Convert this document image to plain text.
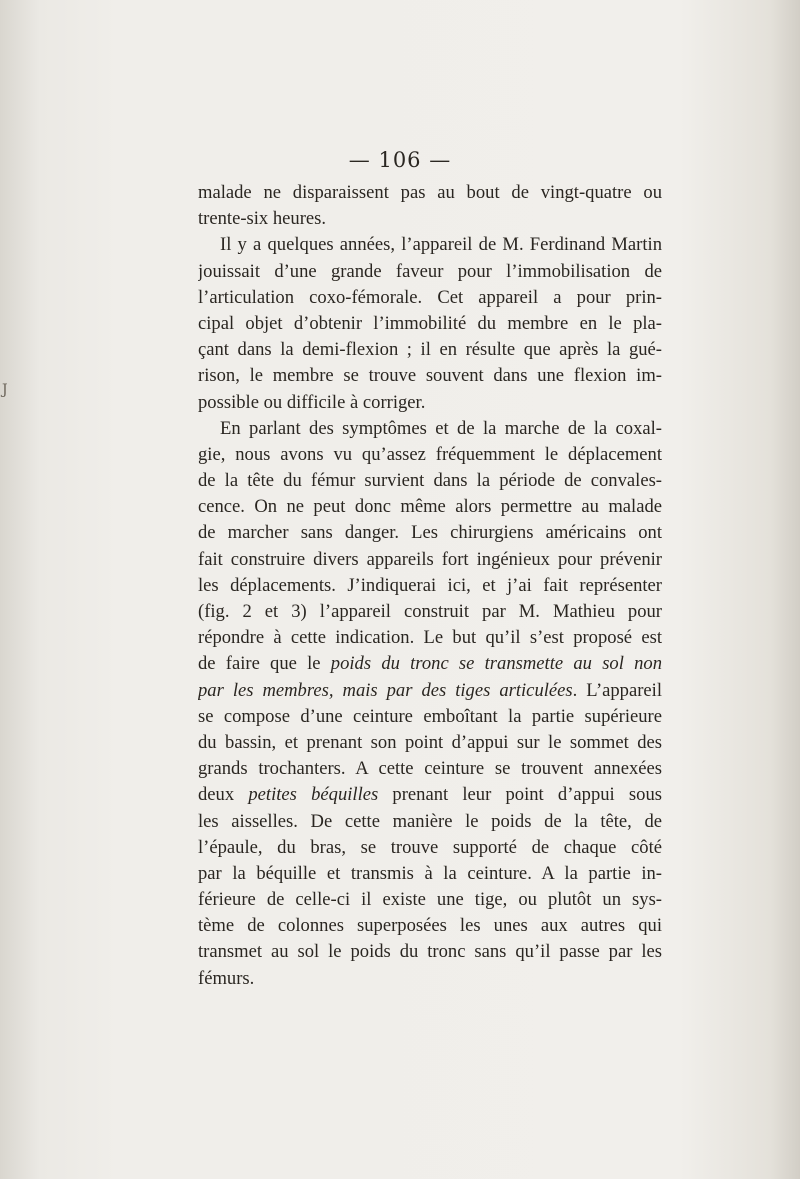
J
— 106 —
malade ne disparaissent pas au bout de vingt-quatre ou
trente-six heures.
Il y a quelques années, l’appareil de M. Ferdinand Martin
jouissait d’une grande faveur pour l’immobilisation de
l’articulation coxo-fémorale. Cet appareil a pour prin-
cipal objet d’obtenir l’immobilité du membre en le pla-
çant dans la demi-flexion ; il en résulte que après la gué-
rison, le membre se trouve souvent dans une flexion im-
possible ou difficile à corriger.
En parlant des symptômes et de la marche de la coxal-
gie, nous avons vu qu’assez fréquemment le déplacement
de la tête du fémur survient dans la période de convales-
cence. On ne peut donc même alors permettre au malade
de marcher sans danger. Les chirurgiens américains ont
fait construire divers appareils fort ingénieux pour prévenir
les déplacements. J’indiquerai ici, et j’ai fait représenter
(fig. 2 et 3) l’appareil construit par M. Mathieu pour
répondre à cette indication. Le but qu’il s’est proposé est
de faire que le poids du tronc se transmette au sol non
par les membres, mais par des tiges articulées. L’appareil
se compose d’une ceinture emboîtant la partie supérieure
du bassin, et prenant son point d’appui sur le sommet des
grands trochanters. A cette ceinture se trouvent annexées
deux petites béquilles prenant leur point d’appui sous
les aisselles. De cette manière le poids de la tête, de
l’épaule, du bras, se trouve supporté de chaque côté
par la béquille et transmis à la ceinture. A la partie in-
férieure de celle-ci il existe une tige, ou plutôt un sys-
tème de colonnes superposées les unes aux autres qui
transmet au sol le poids du tronc sans qu’il passe par les
fémurs.
